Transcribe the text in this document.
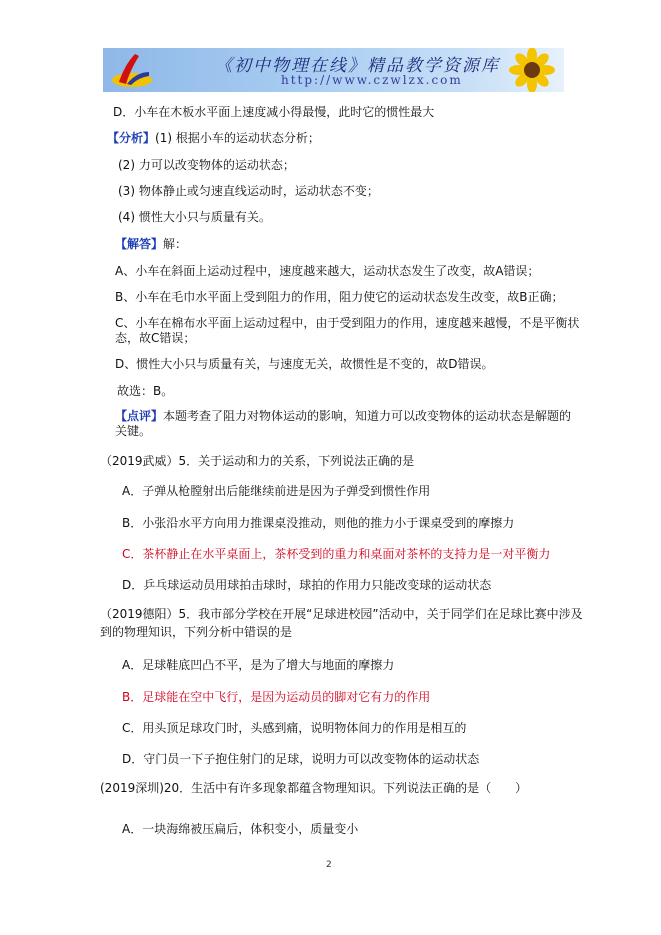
《初中物理在线》精品教学资源库
http://www.czwlzx.com
D．小车在木板水平面上速度减小得最慢，此时它的惯性最大
【分析】(1) 根据小车的运动状态分析；
(2) 力可以改变物体的运动状态；
(3) 物体静止或匀速直线运动时，运动状态不变；
(4) 惯性大小只与质量有关。
【解答】解：
A、小车在斜面上运动过程中，速度越来越大，运动状态发生了改变，故A错误；
B、小车在毛巾水平面上受到阻力的作用，阻力使它的运动状态发生改变，故B正确；
C、小车在棉布水平面上运动过程中，由于受到阻力的作用，速度越来越慢，不是平衡状
态，故C错误；
D、惯性大小只与质量有关，与速度无关，故惯性是不变的，故D错误。
故选：B。
【点评】本题考查了阻力对物体运动的影响，知道力可以改变物体的运动状态是解题的
关键。
（2019武威）5．关于运动和力的关系，下列说法正确的是
A．子弹从枪膛射出后能继续前进是因为子弹受到惯性作用
B．小张沿水平方向用力推课桌没推动，则他的推力小于课桌受到的摩擦力
C．茶杯静止在水平桌面上，茶杯受到的重力和桌面对茶杯的支持力是一对平衡力
D．乒乓球运动员用球拍击球时，球拍的作用力只能改变球的运动状态
（2019德阳）5．我市部分学校在开展“足球进校园”活动中，关于同学们在足球比赛中涉及
到的物理知识，下列分析中错误的是
A．足球鞋底凹凸不平，是为了增大与地面的摩擦力
B．足球能在空中飞行，是因为运动员的脚对它有力的作用
C．用头顶足球攻门时，头感到痛，说明物体间力的作用是相互的
D．守门员一下子抱住射门的足球，说明力可以改变物体的运动状态
(2019深圳)20．生活中有许多现象都蕴含物理知识。下列说法正确的是（　　）
A．一块海绵被压扁后，体积变小，质量变小
2
